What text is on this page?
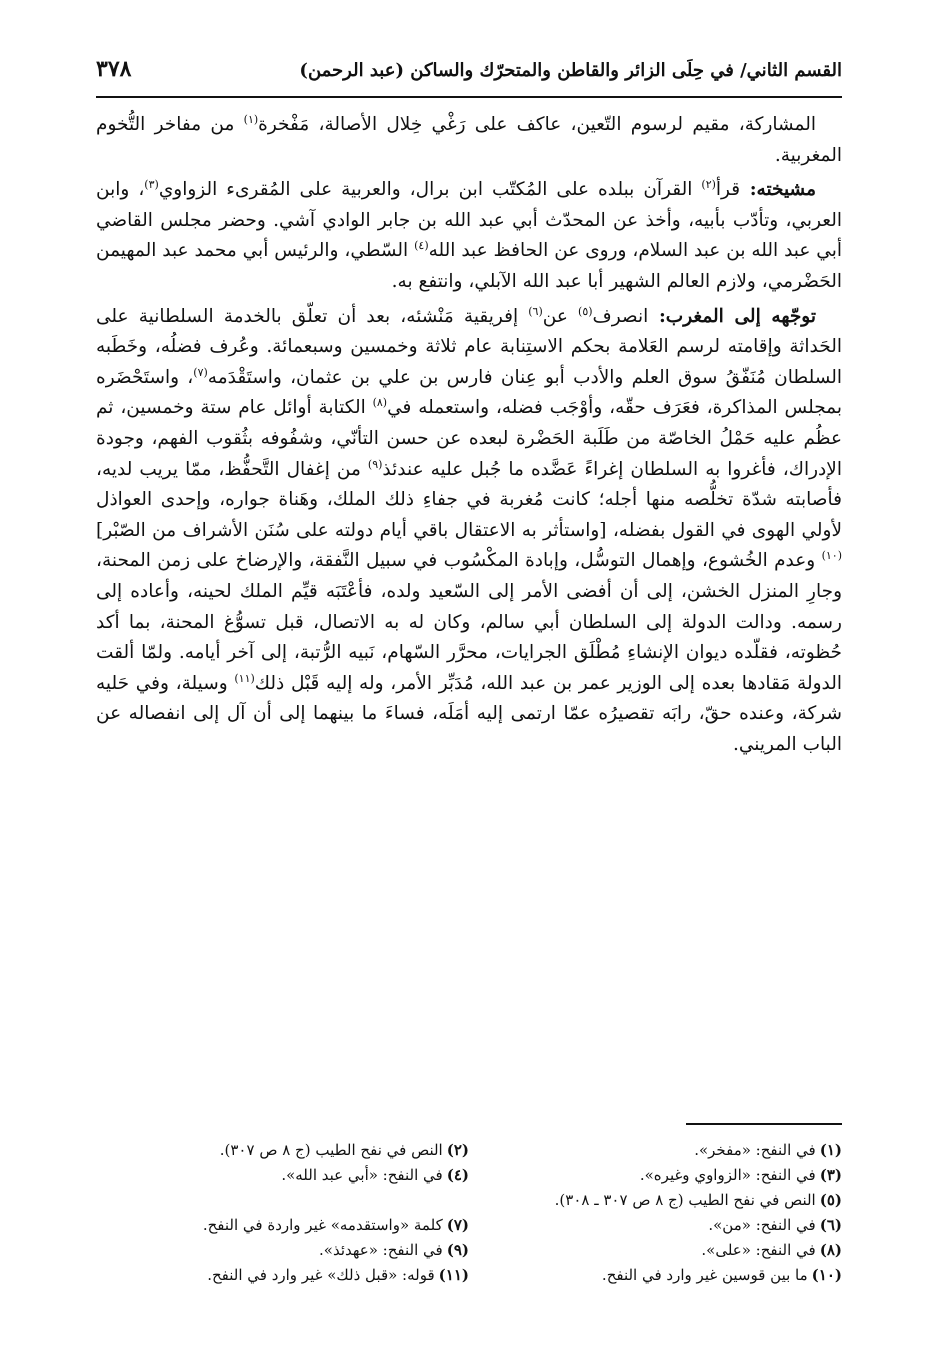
القسم الثاني/ في حِلَى الزائر والقاطن والمتحرّك والساكن (عبد الرحمن)
٣٧٨

المشاركة، مقيم لرسوم التّعين، عاكف على رَغْي خِلال الأصالة، مَفْخرة$^{(١)}$ من مفاخر التُّخوم المغربية.

مشيخته: قرأ$^{(٢)}$ القرآن ببلده على المُكتّب ابن برال، والعربية على المُقرىء الزواوي$^{(٣)}$، وابن العربي، وتأدّب بأبيه، وأخذ عن المحدّث أبي عبد الله بن جابر الوادي آشي. وحضر مجلس القاضي أبي عبد الله بن عبد السلام، وروى عن الحافظ عبد الله$^{(٤)}$ السّطي، والرئيس أبي محمد عبد المهيمن الحَضْرمي، ولازم العالم الشهير أبا عبد الله الآبلي، وانتفع به.

توجّهه إلى المغرب: انصرف$^{(٥)}$ عن$^{(٦)}$ إفريقية مَنْشئه، بعد أن تعلّق بالخدمة السلطانية على الحَداثة وإقامته لرسم العَلامة بحكم الاستِنابة عام ثلاثة وخمسين وسبعمائة. وعُرف فضلُه، وخَطَبه السلطان مُنَفّقُ سوق العلم والأدب أبو عِنان فارس بن علي بن عثمان، واستَقْدَمه$^{(٧)}$، واستَحْضَره بمجلس المذاكرة، فعَرَف حقّه، وأوْجَب فضله، واستعمله في$^{(٨)}$ الكتابة أوائل عام ستة وخمسين، ثم عظُم عليه حَمْلُ الخاصّة من طَلَبة الحَضْرة لبعده عن حسن التأنّي، وشفُوفه بثُقوب الفهم، وجودة الإدراك، فأغروا به السلطان إغراءً عَضَّده ما جُبل عليه عندئذ$^{(٩)}$ من إغفال التَّحفُّظ، ممّا يريب لديه، فأصابته شدّة تخلُّصه منها أجله؛ كانت مُغربة في جفاءِ ذلك الملك، وهَناة جواره، وإحدى العواذل لأولي الهوى في القول بفضله، [واستأثر به الاعتقال باقي أيام دولته على سُنَن الأشراف من الصّبْر]$^{(١٠)}$ وعدم الخُشوع، وإهمال التوسُّل، وإبادة المكْسُوب في سبيل النَّفقة، والإرضاخ على زمن المحنة، وجارِ المنزل الخشن، إلى أن أفضى الأمر إلى السّعيد ولده، فأعْتَبَه قيِّم الملك لحينه، وأعاده إلى رسمه. ودالت الدولة إلى السلطان أبي سالم، وكان له به الاتصال، قبل تسوُّغ المحنة، بما أكد حُظوته، فقلّده ديوان الإنشاءِ مُطْلَق الجرايات، محرَّر السّهام، نَبيه الرُّتبة، إلى آخر أيامه. ولمّا ألقت الدولة مَقادها بعده إلى الوزير عمر بن عبد الله، مُدَبِّر الأمر، وله إليه قَبْل ذلك$^{(١١)}$ وسيلة، وفي حَليه شركة، وعنده حقّ، رابَه تقصيرُه عمّا ارتمى إليه أمَلَه، فساءَ ما بينهما إلى أن آل إلى انفصاله عن الباب المريني.

(١)في النفح: «مفخر».
(٢)النص في نفح الطيب (ج ٨ ص ٣٠٧).
(٣)في النفح: «الزواوي وغيره».
(٤)في النفح: «أبي عبد الله».
(٥)النص في نفح الطيب (ج ٨ ص ٣٠٧ ـ ٣٠٨).
(٦)في النفح: «من».
(٧)كلمة «واستقدمه» غير واردة في النفح.
(٨)في النفح: «على».
(٩)في النفح: «عهدئذ».
(١٠)ما بين قوسين غير وارد في النفح.
(١١)قوله: «قبل ذلك» غير وارد في النفح.
